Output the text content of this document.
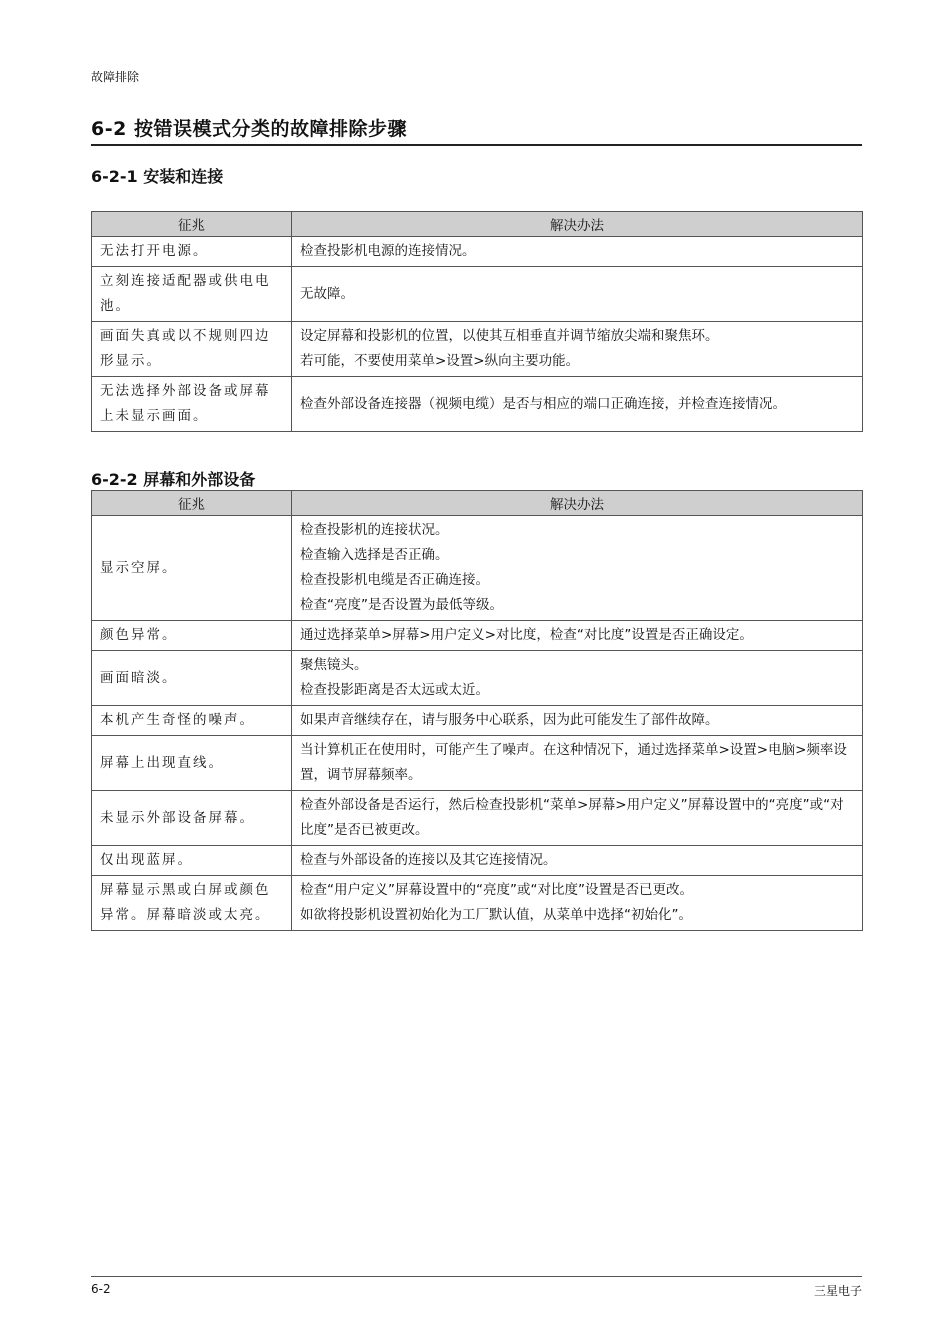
故障排除
6-2 按错误模式分类的故障排除步骤
6-2-1 安装和连接
征兆	解决办法
无法打开电源。	检查投影机电源的连接情况。

立刻连接适配器或供电电池。	无故障。

画面失真或以不规则四边形显示。	设定屏幕和投影机的位置，以使其互相垂直并调节缩放尖端和聚焦环。

若可能，不要使用菜单>设置>纵向主要功能。

无法选择外部设备或屏幕上未显示画面。	检查外部设备连接器（视频电缆）是否与相应的端口正确连接，并检查连接情况。

6-2-2 屏幕和外部设备
征兆	解决办法
显示空屏。	检查投影机的连接状况。

检查输入选择是否正确。

检查投影机电缆是否正确连接。

检查“亮度”是否设置为最低等级。

颜色异常。	通过选择菜单>屏幕>用户定义>对比度，检查“对比度”设置是否正确设定。

画面暗淡。	聚焦镜头。

检查投影距离是否太远或太近。

本机产生奇怪的噪声。	如果声音继续存在，请与服务中心联系，因为此可能发生了部件故障。

屏幕上出现直线。	当计算机正在使用时，可能产生了噪声。在这种情况下，通过选择菜单>设置>电脑>频率设置，调节屏幕频率。

未显示外部设备屏幕。	检查外部设备是否运行，然后检查投影机“菜单>屏幕>用户定义”屏幕设置中的“亮度”或“对比度”是否已被更改。

仅出现蓝屏。	检查与外部设备的连接以及其它连接情况。

屏幕显示黑或白屏或颜色异常。屏幕暗淡或太亮。	检查“用户定义”屏幕设置中的“亮度”或“对比度”设置是否已更改。

如欲将投影机设置初始化为工厂默认值，从菜单中选择“初始化”。

6-2	三星电子
